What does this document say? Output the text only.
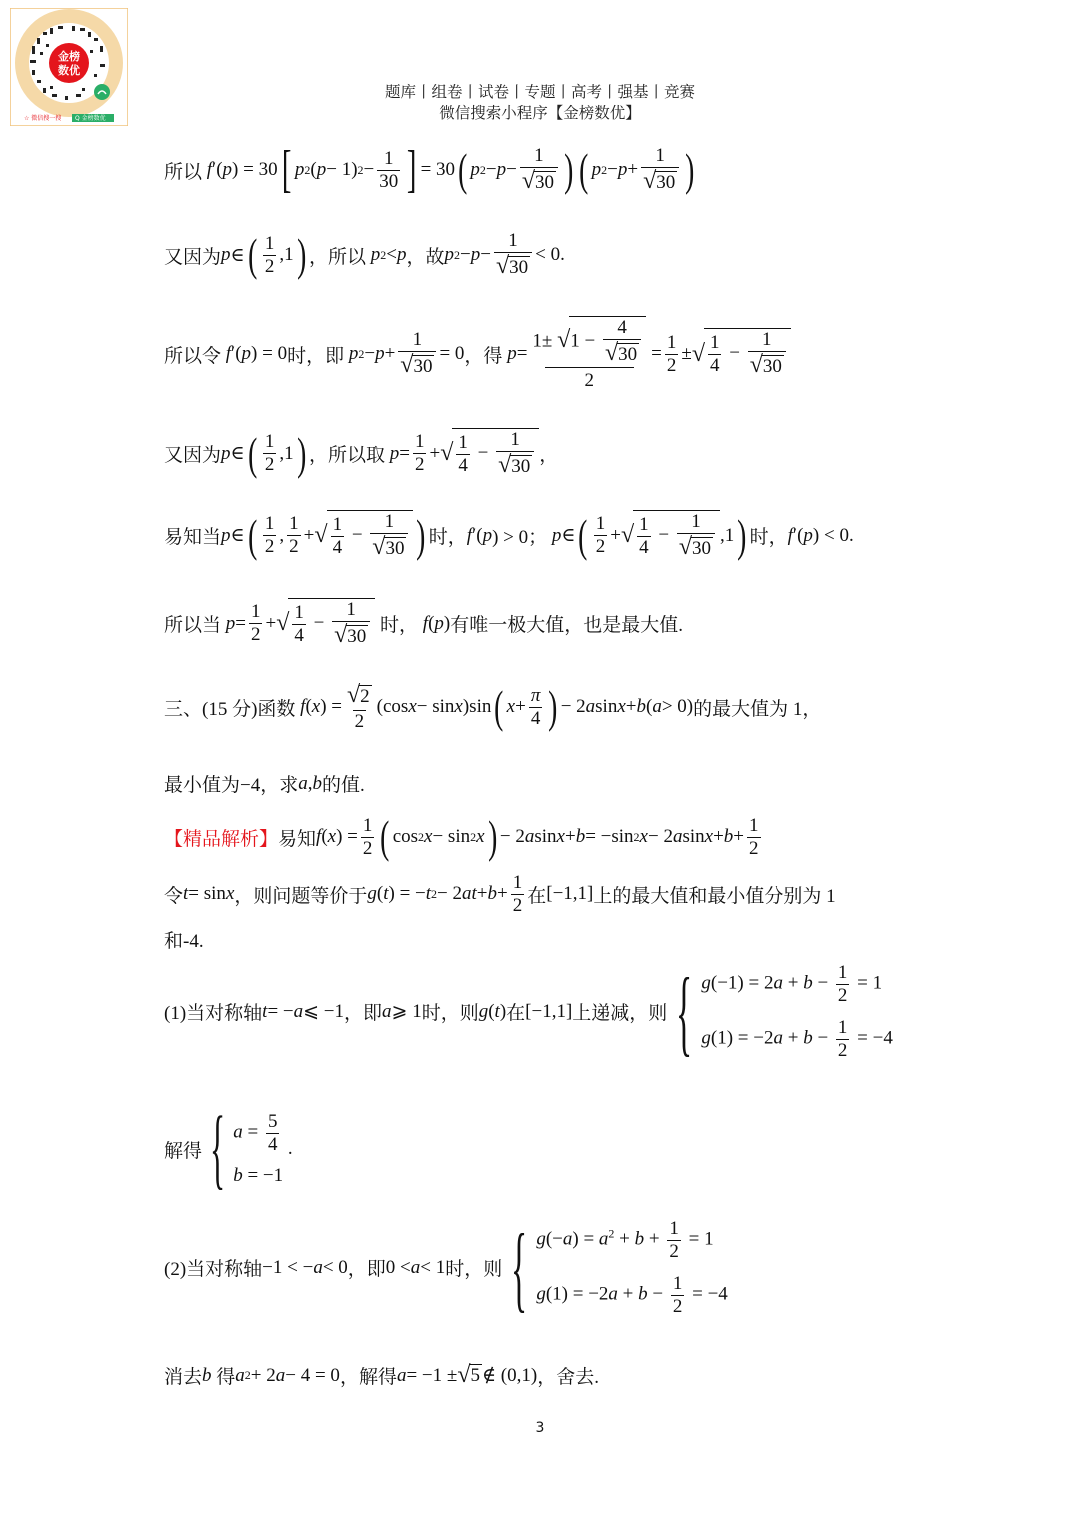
金榜
数优
☆ 微信搜一搜 Q 金榜数优
题库丨组卷丨试卷丨专题丨高考丨强基丨竞赛
微信搜索小程序【金榜数优】
所以
f ′( p ) = 30 [ p 2 ( p − 1) $2 - \frac{1}{30}$ ] = 30 ( p $2 - p - \frac{1}{√30}$ ) ( p $2 - p + \frac{1}{√30}$ )
又因为 p ∈ ( $\frac{1}{2} ,1$ ) ，所以
p 2 < p ，故 p $2 - p - \frac{1}{√30} < 0$.
所以令
f ′( p ) = 0 时，即
p $2 - p + \frac{1}{√30} = 0$ ，得
$p = \frac{1\pm √1 - \frac{4}{√30}}{2} = \frac{1}{2}$ ± √ $\frac{1}{4} - \frac{1}{√30}$
又因为 p ∈ ( $\frac{1}{2} ,1$ ) ，所以取
$p = \frac{1}{2}$ + √ $\frac{1}{4} - \frac{1}{√30}$ ，
易知当 p ∈ ( $\frac{1}{2}$ , $\frac{1}{2}$ + √ $\frac{1}{4} - \frac{1}{√30}$ ) 时， f ′( p ) > 0； p ∈ ( $\frac{1}{2}$ + √ $\frac{1}{4} - \frac{1}{√30} ,1$ ) 时， f ′( p ) < 0.
所以当
$p = \frac{1}{2}$ + √ $\frac{1}{4} - \frac{1}{√30}$
时，
f ( p ) 有唯一极大值，也是最大值.
三、(15 分)函数
f ( x ) = $\frac{√2}{2} (\cos$ x − sin x )sin ( $x + \frac{\pi}{4}$ ) − 2 a sin x + b ( a > 0) 的最大值为 1，
最小值为−4，求 a , b 的值.
【精品解析】 易知 f ( x ) = $\frac{1}{2}$ ( cos 2 x − sin 2 x ) − 2 a sin x + b = −sin 2 x − 2 a $\sin x + b + \frac{1}{2}$
令 t = sin x ，则问题等价于 g ( t ) = − t 2 − 2 at + $b + \frac{1}{2}$ 在 [−1,1] 上的最大值和最小值分别为 1
和-4.
(1)当对称轴 t = − a ⩽ −1 ，即 a ⩾ 1 时，则 g ( t ) 在 [−1,1] 上递减，则 { $g(-1) = 2a + b - \frac{1}{2} = 1$
$g(1) = -2a + b - \frac{1}{2} = -4$
解得 { $a = \frac{5}{4}$
b = −1
.
(2)当对称轴 −1 < − a < 0 ，即 0 < a < 1 时，则 { $g(-a) = a^2 + b + \frac{1}{2} = 1$
$g(1) = -2a + b - \frac{1}{2} = -4$
消去 b
得 a 2 + 2 a − 4 = 0 ，解得 a = −1 ± √ 5 ∉ (0,1) ，舍去.
3
